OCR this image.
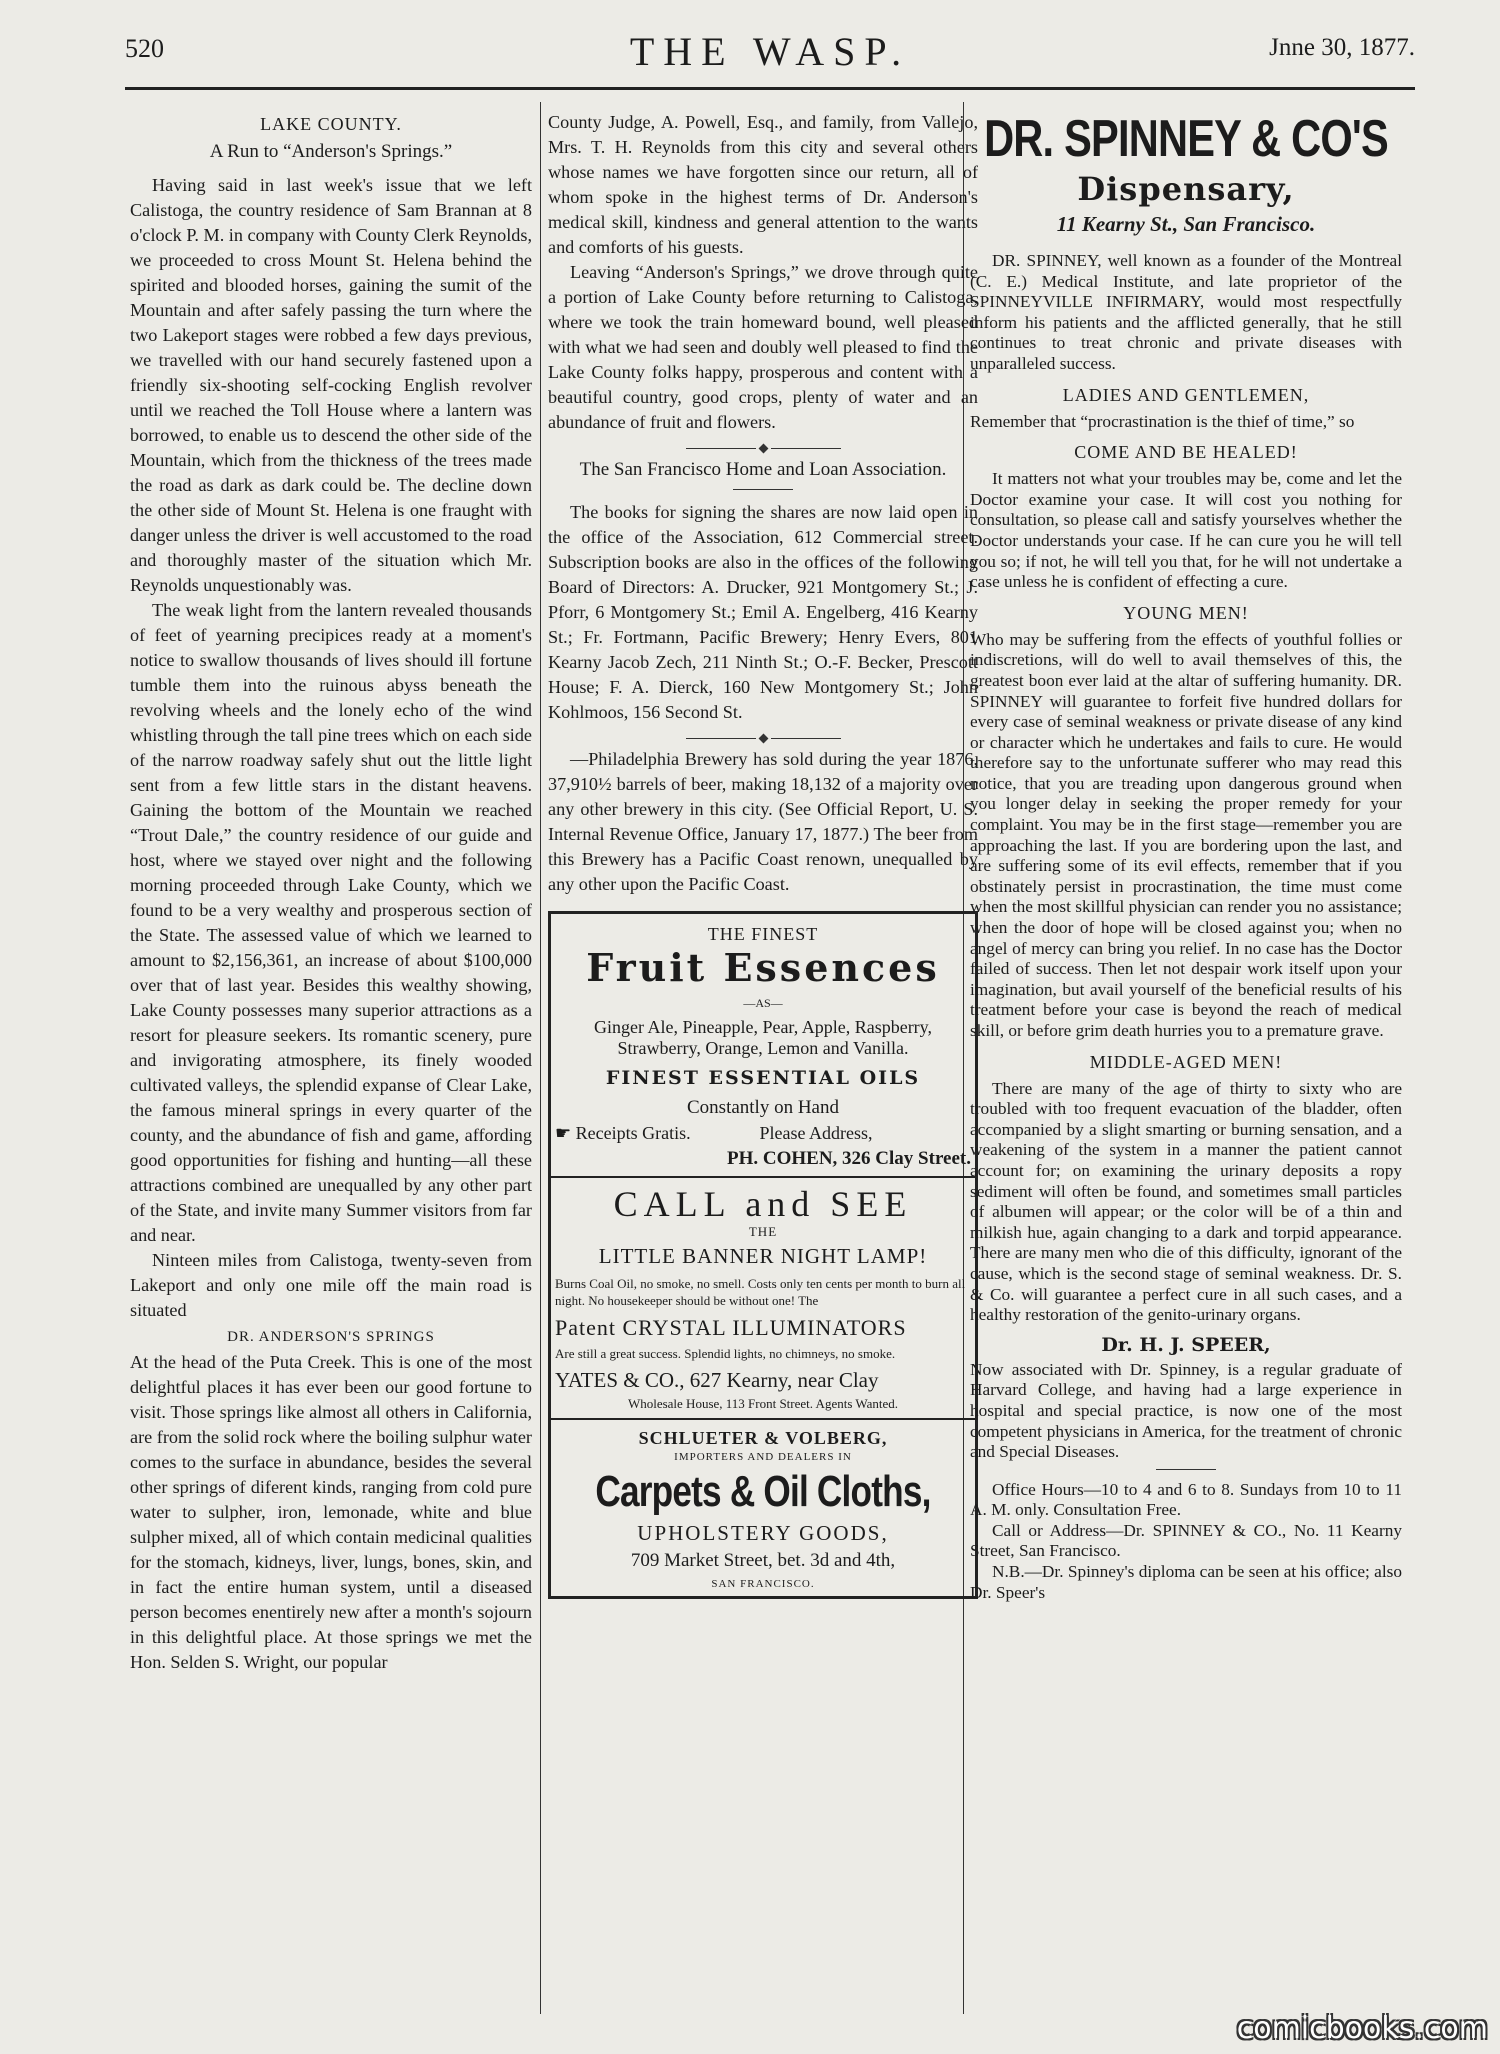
520	THE WASP.	Jnne 30, 1877.
LAKE COUNTY.
A Run to “Anderson's Springs.”

Having said in last week's issue that we left Calistoga, the country residence of Sam Brannan at 8 o'clock P. M. in company with County Clerk Reynolds, we proceeded to cross Mount St. Helena behind the spirited and blooded horses, gaining the sumit of the Mountain and after safely passing the turn where the two Lakeport stages were robbed a few days previous, we travelled with our hand securely fastened upon a friendly six-shooting self-cocking English revolver until we reached the Toll House where a lantern was borrowed, to enable us to descend the other side of the Mountain, which from the thickness of the trees made the road as dark as dark could be. The decline down the other side of Mount St. Helena is one fraught with danger unless the driver is well accustomed to the road and thoroughly master of the situation which Mr. Reynolds unquestionably was.

The weak light from the lantern revealed thousands of feet of yearning precipices ready at a moment's notice to swallow thousands of lives should ill fortune tumble them into the ruinous abyss beneath the revolving wheels and the lonely echo of the wind whistling through the tall pine trees which on each side of the narrow roadway safely shut out the little light sent from a few little stars in the distant heavens. Gaining the bottom of the Mountain we reached “Trout Dale,” the country residence of our guide and host, where we stayed over night and the following morning proceeded through Lake County, which we found to be a very wealthy and prosperous section of the State. The assessed value of which we learned to amount to $2,156,361, an increase of about $100,000 over that of last year. Besides this wealthy showing, Lake County possesses many superior attractions as a resort for pleasure seekers. Its romantic scenery, pure and invigorating atmosphere, its finely wooded cultivated valleys, the splendid expanse of Clear Lake, the famous mineral springs in every quarter of the county, and the abundance of fish and game, affording good opportunities for fishing and hunting—all these attractions combined are unequalled by any other part of the State, and invite many Summer visitors from far and near.

Ninteen miles from Calistoga, twenty-seven from Lakeport and only one mile off the main road is situated

DR. ANDERSON'S SPRINGS

At the head of the Puta Creek. This is one of the most delightful places it has ever been our good fortune to visit. Those springs like almost all others in California, are from the solid rock where the boiling sulphur water comes to the surface in abundance, besides the several other springs of diferent kinds, ranging from cold pure water to sulpher, iron, lemonade, white and blue sulpher mixed, all of which contain medicinal qualities for the stomach, kidneys, liver, lungs, bones, skin, and in fact the entire human system, until a diseased person becomes enentirely new after a month's sojourn in this delightful place. At those springs we met the Hon. Selden S. Wright, our popular

County Judge, A. Powell, Esq., and family, from Vallejo, Mrs. T. H. Reynolds from this city and several others whose names we have forgotten since our return, all of whom spoke in the highest terms of Dr. Anderson's medical skill, kindness and general attention to the wants and comforts of his guests.

Leaving “Anderson's Springs,” we drove through quite a portion of Lake County before returning to Calistoga, where we took the train homeward bound, well pleased with what we had seen and doubly well pleased to find the Lake County folks happy, prosperous and content with a beautiful country, good crops, plenty of water and an abundance of fruit and flowers.

The San Francisco Home and Loan Association.

The books for signing the shares are now laid open in the office of the Association, 612 Commercial street. Subscription books are also in the offices of the following Board of Directors: A. Drucker, 921 Montgomery St.; J. Pforr, 6 Montgomery St.; Emil A. Engelberg, 416 Kearny St.; Fr. Fortmann, Pacific Brewery; Henry Evers, 801 Kearny Jacob Zech, 211 Ninth St.; O.-F. Becker, Prescott House; F. A. Dierck, 160 New Montgomery St.; John Kohlmoos, 156 Second St.

—Philadelphia Brewery has sold during the year 1876, 37,910½ barrels of beer, making 18,132 of a majority over any other brewery in this city. (See Official Report, U. S. Internal Revenue Office, January 17, 1877.) The beer from this Brewery has a Pacific Coast renown, unequalled by any other upon the Pacific Coast.

THE FINEST
Fruit Essences
—AS—
Ginger Ale, Pineapple, Pear, Apple, Raspberry, Strawberry, Orange, Lemon and Vanilla.
FINEST ESSENTIAL OILS
Constantly on Hand
☛ Receipts Gratis.	Please Address,
PH. COHEN, 326 Clay Street.
CALL and SEE
THE
LITTLE BANNER NIGHT LAMP!
Burns Coal Oil, no smoke, no smell. Costs only ten cents per month to burn all night. No housekeeper should be without one! The
Patent CRYSTAL ILLUMINATORS
Are still a great success. Splendid lights, no chimneys, no smoke.
YATES & CO., 627 Kearny, near Clay
Wholesale House, 113 Front Street. Agents Wanted.
SCHLUETER & VOLBERG,
IMPORTERS AND DEALERS IN
Carpets & Oil Cloths,
UPHOLSTERY GOODS,
709 Market Street, bet. 3d and 4th,
SAN FRANCISCO.
DR. SPINNEY & CO'S
Dispensary,
11 Kearny St., San Francisco.

DR. SPINNEY, well known as a founder of the Montreal (C. E.) Medical Institute, and late proprietor of the SPINNEYVILLE INFIRMARY, would most respectfully inform his patients and the afflicted generally, that he still continues to treat chronic and private diseases with unparalleled success.

LADIES AND GENTLEMEN,

Remember that “procrastination is the thief of time,” so

COME AND BE HEALED!

It matters not what your troubles may be, come and let the Doctor examine your case. It will cost you nothing for consultation, so please call and satisfy yourselves whether the Doctor understands your case. If he can cure you he will tell you so; if not, he will tell you that, for he will not undertake a case unless he is confident of effecting a cure.

YOUNG MEN!

Who may be suffering from the effects of youthful follies or indiscretions, will do well to avail themselves of this, the greatest boon ever laid at the altar of suffering humanity. DR. SPINNEY will guarantee to forfeit five hundred dollars for every case of seminal weakness or private disease of any kind or character which he undertakes and fails to cure. He would therefore say to the unfortunate sufferer who may read this notice, that you are treading upon dangerous ground when you longer delay in seeking the proper remedy for your complaint. You may be in the first stage—remember you are approaching the last. If you are bordering upon the last, and are suffering some of its evil effects, remember that if you obstinately persist in procrastination, the time must come when the most skillful physician can render you no assistance; when the door of hope will be closed against you; when no angel of mercy can bring you relief. In no case has the Doctor failed of success. Then let not despair work itself upon your imagination, but avail yourself of the beneficial results of his treatment before your case is beyond the reach of medical skill, or before grim death hurries you to a premature grave.

MIDDLE-AGED MEN!

There are many of the age of thirty to sixty who are troubled with too frequent evacuation of the bladder, often accompanied by a slight smarting or burning sensation, and a weakening of the system in a manner the patient cannot account for; on examining the urinary deposits a ropy sediment will often be found, and sometimes small particles of albumen will appear; or the color will be of a thin and milkish hue, again changing to a dark and torpid appearance. There are many men who die of this difficulty, ignorant of the cause, which is the second stage of seminal weakness. Dr. S. & Co. will guarantee a perfect cure in all such cases, and a healthy restoration of the genito-urinary organs.

Dr. H. J. SPEER,

Now associated with Dr. Spinney, is a regular graduate of Harvard College, and having had a large experience in hospital and special practice, is now one of the most competent physicians in America, for the treatment of chronic and Special Diseases.

Office Hours—10 to 4 and 6 to 8. Sundays from 10 to 11 A. M. only. Consultation Free.

Call or Address—Dr. SPINNEY & CO., No. 11 Kearny Street, San Francisco.

N.B.—Dr. Spinney's diploma can be seen at his office; also Dr. Speer's

comicbooks.com
